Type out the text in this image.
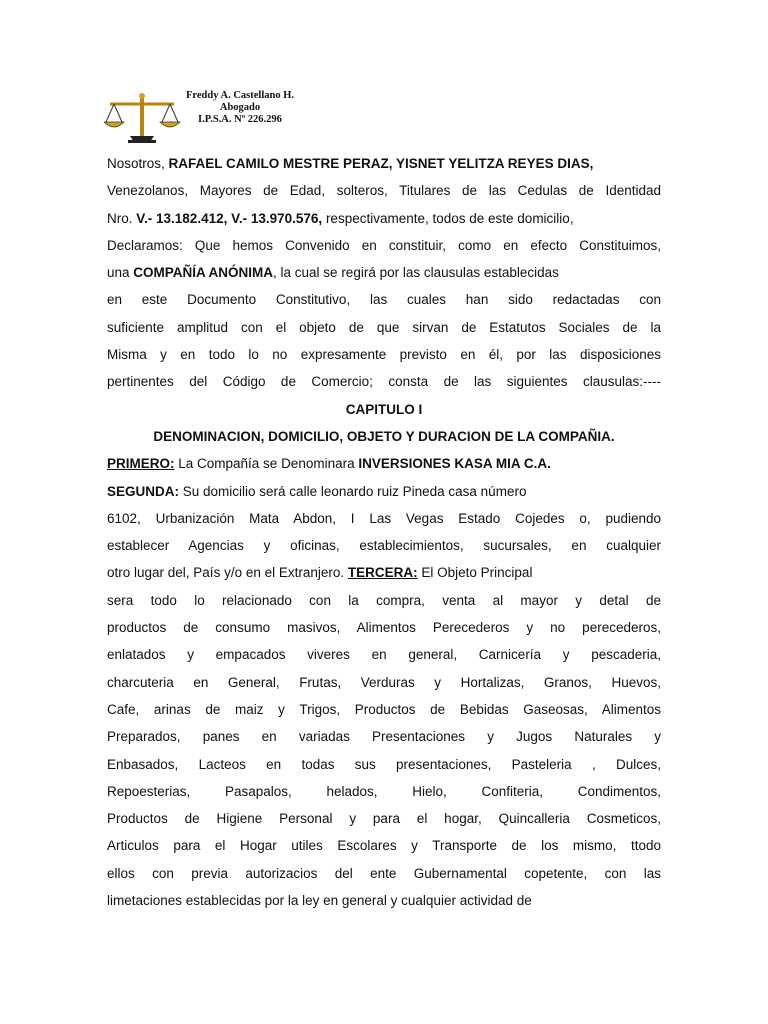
Freddy A. Castellano H.
Abogado
I.P.S.A. Nº 226.296
Nosotros, RAFAEL CAMILO MESTRE PERAZ, YISNET YELITZA REYES DIAS,
Venezolanos, Mayores de Edad, solteros, Titulares de las Cedulas de Identidad
Nro. V.- 13.182.412, V.- 13.970.576, respectivamente, todos de este domicilio,
Declaramos: Que hemos Convenido en constituir, como en efecto Constituimos,
una COMPAÑÍA ANÓNIMA, la cual se regirá por las clausulas establecidas
en este Documento Constitutivo, las cuales han sido redactadas con
suficiente amplitud con el objeto de que sirvan de Estatutos Sociales de la
Misma y en todo lo no expresamente previsto en él, por las disposiciones
pertinentes del Código de Comercio; consta de las siguientes clausulas:----
CAPITULO I
DENOMINACION, DOMICILIO, OBJETO Y DURACION DE LA COMPAÑIA.
PRIMERO: La Compañía se Denominara INVERSIONES KASA MIA C.A.
SEGUNDA: Su domicilio será calle leonardo ruiz Pineda casa número
6102, Urbanización Mata Abdon, I Las Vegas Estado Cojedes o, pudiendo
establecer Agencias y oficinas, establecimientos, sucursales, en cualquier
otro lugar del, País y/o en el Extranjero. TERCERA: El Objeto Principal
sera todo lo relacionado con la compra, venta al mayor y detal de
productos de consumo masivos, Alimentos Perecederos y no perecederos,
enlatados y empacados viveres en general, Carnicería y pescaderia,
charcuteria en General, Frutas, Verduras y Hortalizas, Granos, Huevos,
Cafe, arinas de maiz y Trigos, Productos de Bebidas Gaseosas, Alimentos
Preparados, panes en variadas Presentaciones y Jugos Naturales y
Enbasados, Lacteos en todas sus presentaciones, Pasteleria , Dulces,
Repoesterias, Pasapalos, helados, Hielo, Confiteria, Condimentos,
Productos de Higiene Personal y para el hogar, Quincalleria Cosmeticos,
Articulos para el Hogar utiles Escolares y Transporte de los mismo, ttodo
ellos con previa autorizacios del ente Gubernamental copetente, con las
limetaciones establecidas por la ley en general y cualquier actividad de
